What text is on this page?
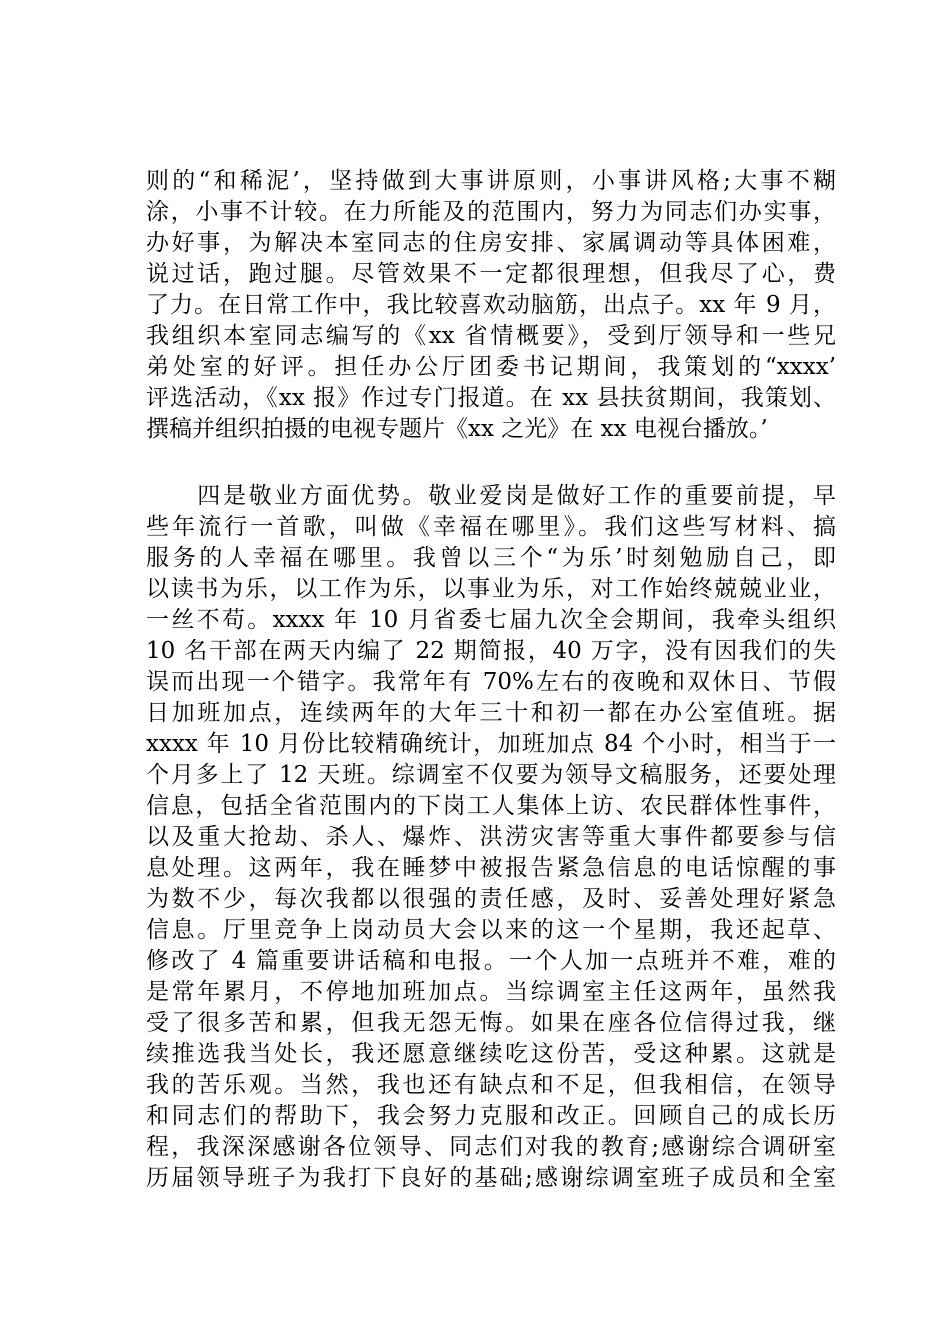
则的“和稀泥’，坚持做到大事讲原则，小事讲风格;大事不糊
涂，小事不计较。在力所能及的范围内，努力为同志们办实事，
办好事，为解决本室同志的住房安排、家属调动等具体困难，
说过话，跑过腿。尽管效果不一定都很理想，但我尽了心，费
了力。在日常工作中，我比较喜欢动脑筋，出点子。xx 年 9 月，
我组织本室同志编写的《xx 省情概要》，受到厅领导和一些兄
弟处室的好评。担任办公厅团委书记期间，我策划的“xxxx’
评选活动，《xx 报》作过专门报道。在 xx 县扶贫期间，我策划、
撰稿并组织拍摄的电视专题片《xx 之光》在 xx 电视台播放。’

　　四是敬业方面优势。敬业爱岗是做好工作的重要前提，早
些年流行一首歌，叫做《幸福在哪里》。我们这些写材料、搞
服务的人幸福在哪里。我曾以三个“为乐’时刻勉励自己，即
以读书为乐，以工作为乐，以事业为乐，对工作始终兢兢业业，
一丝不苟。xxxx 年 10 月省委七届九次全会期间，我牵头组织
10 名干部在两天内编了 22 期简报，40 万字，没有因我们的失
误而出现一个错字。我常年有 70%左右的夜晚和双休日、节假
日加班加点，连续两年的大年三十和初一都在办公室值班。据
xxxx 年 10 月份比较精确统计，加班加点 84 个小时，相当于一
个月多上了 12 天班。综调室不仅要为领导文稿服务，还要处理
信息，包括全省范围内的下岗工人集体上访、农民群体性事件，
以及重大抢劫、杀人、爆炸、洪涝灾害等重大事件都要参与信
息处理。这两年，我在睡梦中被报告紧急信息的电话惊醒的事
为数不少，每次我都以很强的责任感，及时、妥善处理好紧急
信息。厅里竞争上岗动员大会以来的这一个星期，我还起草、
修改了 4 篇重要讲话稿和电报。一个人加一点班并不难，难的
是常年累月，不停地加班加点。当综调室主任这两年，虽然我
受了很多苦和累，但我无怨无悔。如果在座各位信得过我，继
续推选我当处长，我还愿意继续吃这份苦，受这种累。这就是
我的苦乐观。当然，我也还有缺点和不足，但我相信，在领导
和同志们的帮助下，我会努力克服和改正。回顾自己的成长历
程，我深深感谢各位领导、同志们对我的教育;感谢综合调研室
历届领导班子为我打下良好的基础;感谢综调室班子成员和全室
